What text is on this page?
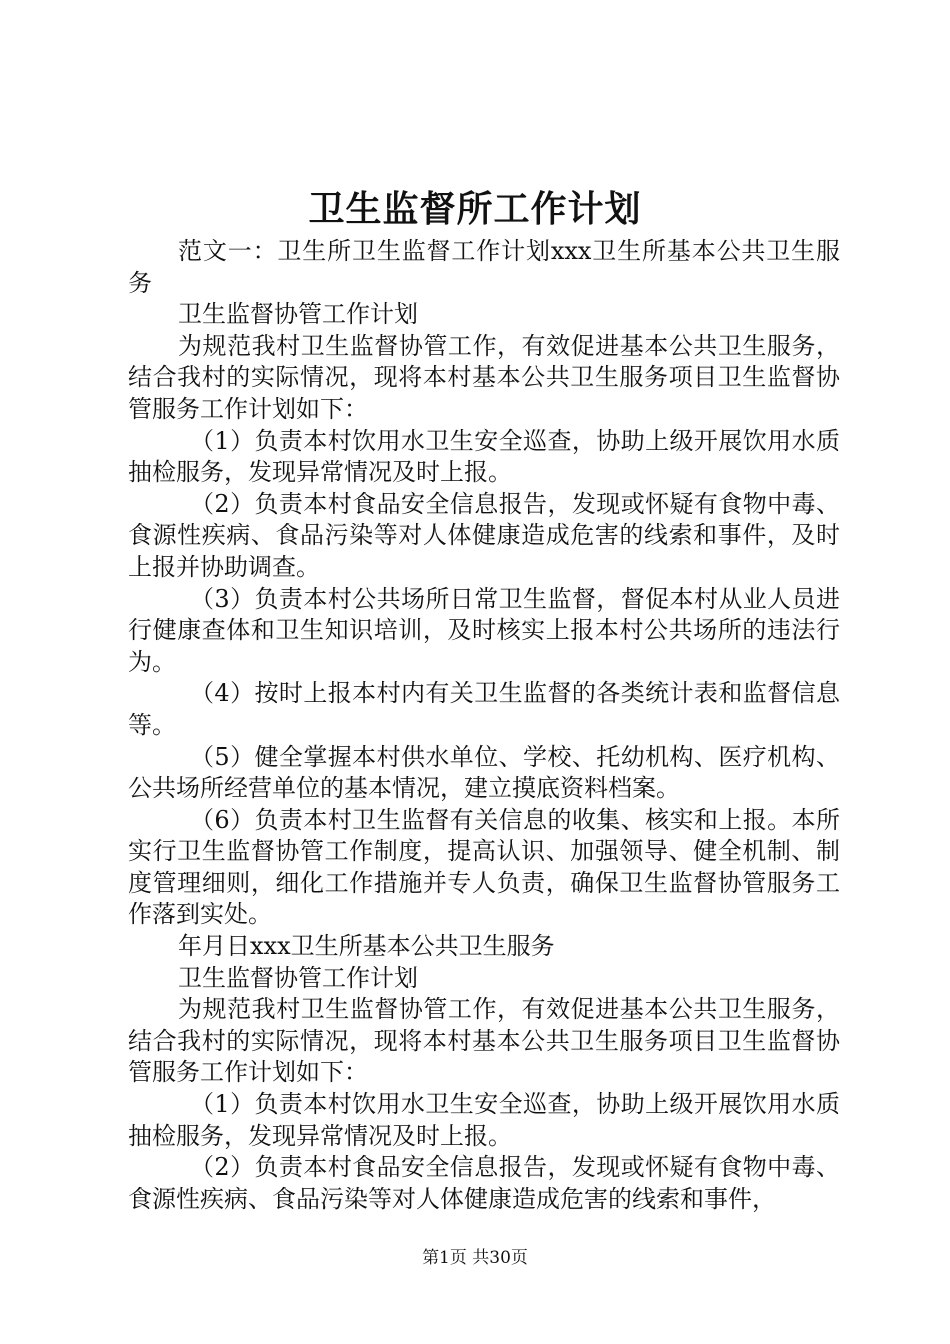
卫生监督所工作计划

范文一：卫生所卫生监督工作计划xxx卫生所基本公共卫生服务

卫生监督协管工作计划

为规范我村卫生监督协管工作，有效促进基本公共卫生服务，结合我村的实际情况，现将本村基本公共卫生服务项目卫生监督协管服务工作计划如下：

（1）负责本村饮用水卫生安全巡查，协助上级开展饮用水质抽检服务，发现异常情况及时上报。

（2）负责本村食品安全信息报告，发现或怀疑有食物中毒、食源性疾病、食品污染等对人体健康造成危害的线索和事件，及时上报并协助调查。

（3）负责本村公共场所日常卫生监督，督促本村从业人员进行健康查体和卫生知识培训，及时核实上报本村公共场所的违法行为。

（4）按时上报本村内有关卫生监督的各类统计表和监督信息等。

（5）健全掌握本村供水单位、学校、托幼机构、医疗机构、公共场所经营单位的基本情况，建立摸底资料档案。

（6）负责本村卫生监督有关信息的收集、核实和上报。本所实行卫生监督协管工作制度，提高认识、加强领导、健全机制、制度管理细则，细化工作措施并专人负责，确保卫生监督协管服务工作落到实处。

年月日xxx卫生所基本公共卫生服务

卫生监督协管工作计划

为规范我村卫生监督协管工作，有效促进基本公共卫生服务，结合我村的实际情况，现将本村基本公共卫生服务项目卫生监督协管服务工作计划如下：

（1）负责本村饮用水卫生安全巡查，协助上级开展饮用水质抽检服务，发现异常情况及时上报。

（2）负责本村食品安全信息报告，发现或怀疑有食物中毒、食源性疾病、食品污染等对人体健康造成危害的线索和事件，

第1页 共30页
